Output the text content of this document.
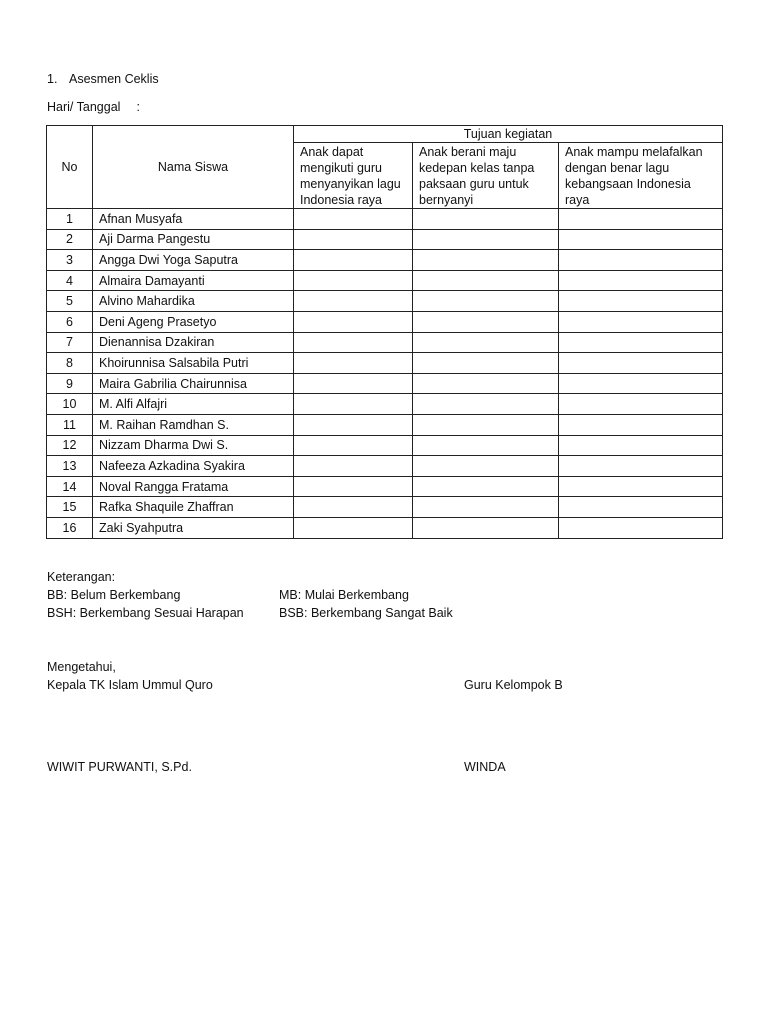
1. Asesmen Ceklis
Hari/ Tanggal :
No	Nama Siswa	Tujuan kegiatan		
		Anak dapat mengikuti guru menyanyikan lagu Indonesia raya	Anak berani maju kedepan kelas tanpa paksaan guru untuk bernyanyi	Anak mampu melafalkan dengan benar lagu kebangsaan Indonesia raya
1	Afnan Musyafa			
2	Aji Darma Pangestu			
3	Angga Dwi Yoga Saputra			
4	Almaira Damayanti			
5	Alvino Mahardika			
6	Deni Ageng Prasetyo			
7	Dienannisa Dzakiran			
8	Khoirunnisa Salsabila Putri			
9	Maira Gabrilia Chairunnisa			
10	M. Alfi Alfajri			
11	M. Raihan Ramdhan S.			
12	Nizzam Dharma Dwi S.			
13	Nafeeza Azkadina Syakira			
14	Noval Rangga Fratama			
15	Rafka Shaquile Zhaffran			
16	Zaki Syahputra			
Keterangan:
BB: Belum Berkembang	MB: Mulai Berkembang
BSH: Berkembang Sesuai Harapan	BSB: Berkembang Sangat Baik
Mengetahui,
Kepala TK Islam Ummul Quro	Guru Kelompok B
WIWIT PURWANTI, S.Pd.	WINDA
